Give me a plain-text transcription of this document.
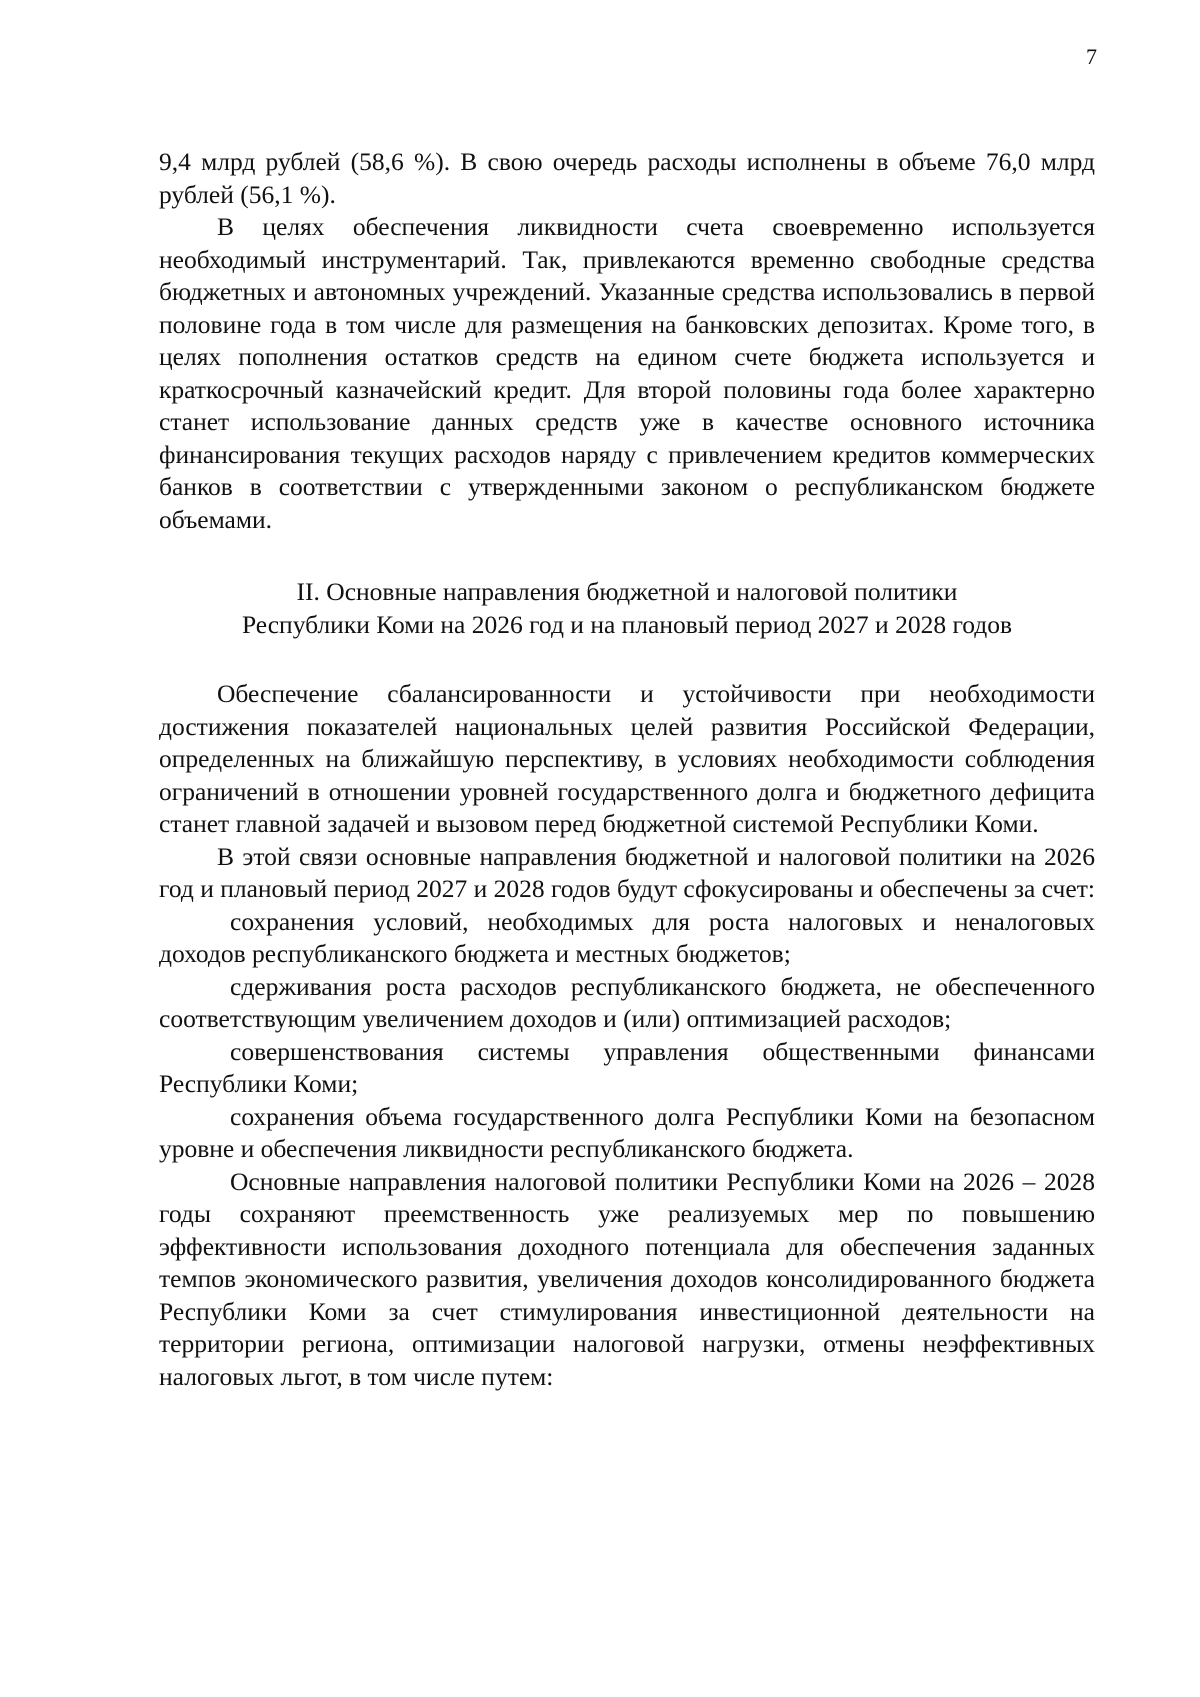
7

9,4 млрд рублей (58,6 %). В свою очередь расходы исполнены в объеме 76,0 млрд рублей (56,1 %).

В целях обеспечения ликвидности счета своевременно используется необходимый инструментарий. Так, привлекаются временно свободные средства бюджетных и автономных учреждений. Указанные средства использовались в первой половине года в том числе для размещения на банковских депозитах. Кроме того, в целях пополнения остатков средств на едином счете бюджета используется и краткосрочный казначейский кредит. Для второй половины года более характерно станет использование данных средств уже в качестве основного источника финансирования текущих расходов наряду с привлечением кредитов коммерческих банков в соответствии с утвержденными законом о республиканском бюджете объемами.

II. Основные направления бюджетной и налоговой политики
Республики Коми на 2026 год и на плановый период 2027 и 2028 годов

Обеспечение сбалансированности и устойчивости при необходимости достижения показателей национальных целей развития Российской Федерации, определенных на ближайшую перспективу, в условиях необходимости соблюдения ограничений в отношении уровней государственного долга и бюджетного дефицита станет главной задачей и вызовом перед бюджетной системой Республики Коми.

В этой связи основные направления бюджетной и налоговой политики на 2026 год и плановый период 2027 и 2028 годов будут сфокусированы и обеспечены за счет:

сохранения условий, необходимых для роста налоговых и неналоговых доходов республиканского бюджета и местных бюджетов;

сдерживания роста расходов республиканского бюджета, не обеспеченного соответствующим увеличением доходов и (или) оптимизацией расходов;

совершенствования системы управления общественными финансами Республики Коми;

сохранения объема государственного долга Республики Коми на безопасном уровне и обеспечения ликвидности республиканского бюджета.

Основные направления налоговой политики Республики Коми на 2026 – 2028 годы сохраняют преемственность уже реализуемых мер по повышению эффективности использования доходного потенциала для обеспечения заданных темпов экономического развития, увеличения доходов консолидированного бюджета Республики Коми за счет стимулирования инвестиционной деятельности на территории региона, оптимизации налоговой нагрузки, отмены неэффективных налоговых льгот, в том числе путем:
